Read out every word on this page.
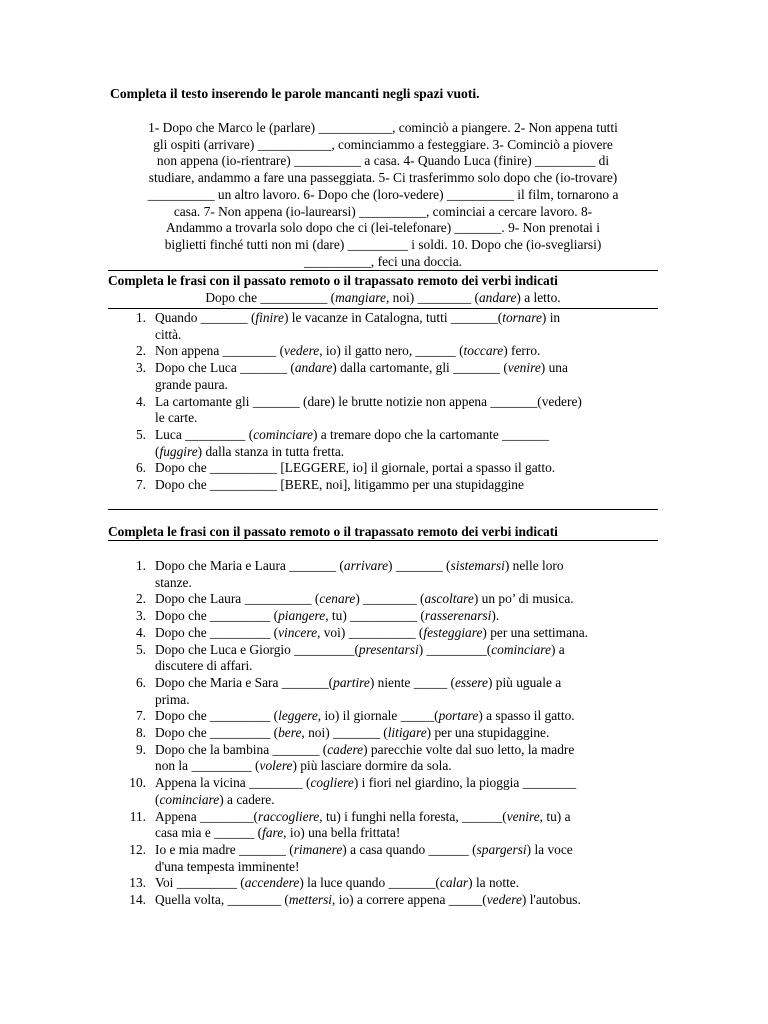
Completa il testo inserendo le parole mancanti negli spazi vuoti.
1- Dopo che Marco le (parlare) ___________, cominciò a piangere. 2- Non appena tutti
gli ospiti (arrivare) ___________, cominciammo a festeggiare. 3- Cominciò a piovere
non appena (io-rientrare) __________ a casa. 4- Quando Luca (finire) _________ di
studiare, andammo a fare una passeggiata. 5- Ci trasferimmo solo dopo che (io-trovare)
__________ un altro lavoro. 6- Dopo che (loro-vedere) __________ il film, tornarono a
casa. 7- Non appena (io-laurearsi) __________, cominciai a cercare lavoro. 8-
Andammo a trovarla solo dopo che ci (lei-telefonare) _______. 9- Non prenotai i
biglietti finché tutti non mi (dare) _________ i soldi. 10. Dopo che (io-svegliarsi)
__________, feci una doccia.
Completa le frasi con il passato remoto o il trapassato remoto dei verbi indicati
Dopo che __________ (mangiare, noi) ________ (andare) a letto.
1. Quando _______ (finire) le vacanze in Catalogna, tutti _______(tornare) in
città.
2. Non appena ________ (vedere, io) il gatto nero, ______ (toccare) ferro.
3. Dopo che Luca _______ (andare) dalla cartomante, gli _______ (venire) una
grande paura.
4. La cartomante gli _______ (dare) le brutte notizie non appena _______(vedere)
le carte.
5. Luca _________ (cominciare) a tremare dopo che la cartomante _______
(fuggire) dalla stanza in tutta fretta.
6. Dopo che __________ [LEGGERE, io] il giornale, portai a spasso il gatto.
7. Dopo che __________ [BERE, noi], litigammo per una stupidaggine
Completa le frasi con il passato remoto o il trapassato remoto dei verbi indicati
1. Dopo che Maria e Laura _______ (arrivare) _______ (sistemarsi) nelle loro
stanze.
2. Dopo che Laura __________ (cenare) ________ (ascoltare) un po’ di musica.
3. Dopo che _________ (piangere, tu) __________ (rasserenarsi).
4. Dopo che _________ (vincere, voi) __________ (festeggiare) per una settimana.
5. Dopo che Luca e Giorgio _________(presentarsi) _________(cominciare) a
discutere di affari.
6. Dopo che Maria e Sara _______(partire) niente _____ (essere) più uguale a
prima.
7. Dopo che _________ (leggere, io) il giornale _____(portare) a spasso il gatto.
8. Dopo che _________ (bere, noi) _______ (litigare) per una stupidaggine.
9. Dopo che la bambina _______ (cadere) parecchie volte dal suo letto, la madre
non la _________ (volere) più lasciare dormire da sola.
10. Appena la vicina ________ (cogliere) i fiori nel giardino, la pioggia ________
(cominciare) a cadere.
11. Appena ________(raccogliere, tu) i funghi nella foresta, ______(venire, tu) a
casa mia e ______ (fare, io) una bella frittata!
12. Io e mia madre _______ (rimanere) a casa quando ______ (spargersi) la voce
d'una tempesta imminente!
13. Voi _________ (accendere) la luce quando _______(calar) la notte.
14. Quella volta, ________ (mettersi, io) a correre appena _____(vedere) l'autobus.
